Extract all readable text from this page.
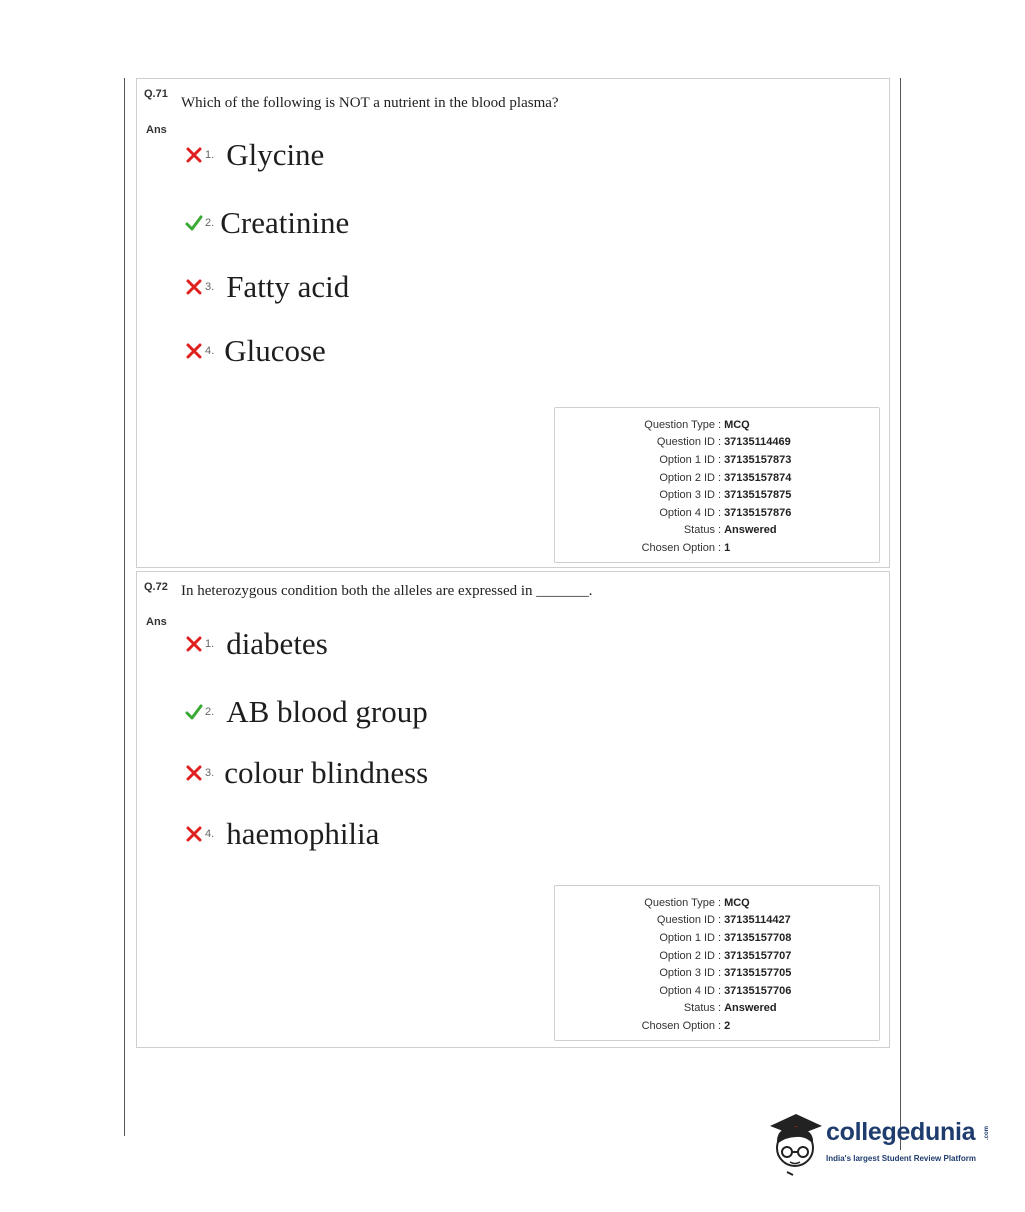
Q.71
Which of the following is NOT a nutrient in the blood plasma?
Ans
1. Glycine
2. Creatinine
3. Fatty acid
4. Glucose
Question Type : MCQ
Question ID : 37135114469
Option 1 ID : 37135157873
Option 2 ID : 37135157874
Option 3 ID : 37135157875
Option 4 ID : 37135157876
Status : Answered
Chosen Option : 1
Q.72 In heterozygous condition both the alleles are expressed in _______.
Ans
1. diabetes
2. AB blood group
3. colour blindness
4. haemophilia
Question Type : MCQ
Question ID : 37135114427
Option 1 ID : 37135157708
Option 2 ID : 37135157707
Option 3 ID : 37135157705
Option 4 ID : 37135157706
Status : Answered
Chosen Option : 2
collegedunia .com
India's largest Student Review Platform
